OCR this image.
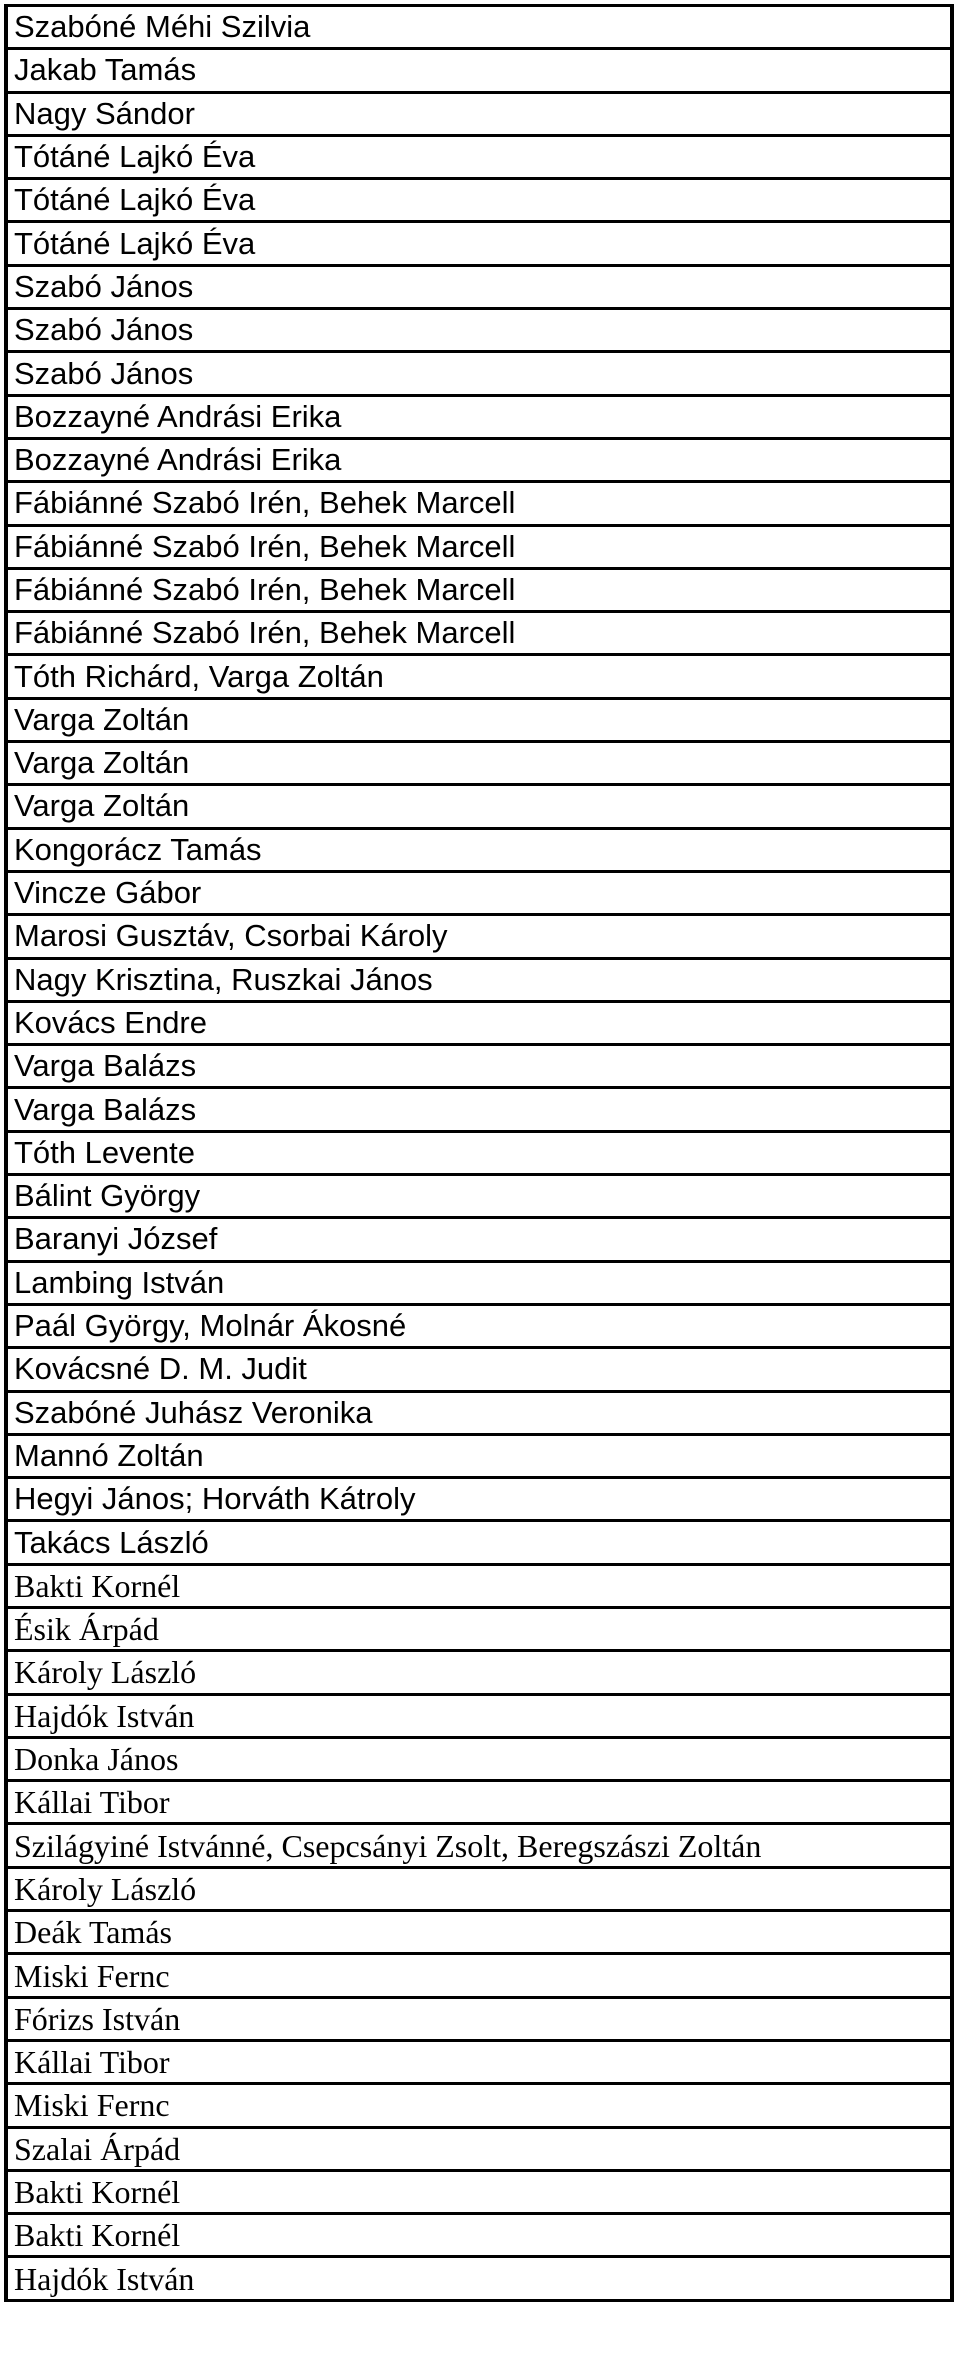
Szabóné Méhi Szilvia
Jakab Tamás
Nagy Sándor
Tótáné Lajkó Éva
Tótáné Lajkó Éva
Tótáné Lajkó Éva
Szabó János
Szabó János
Szabó János
Bozzayné Andrási Erika
Bozzayné Andrási Erika
Fábiánné Szabó Irén, Behek Marcell
Fábiánné Szabó Irén, Behek Marcell
Fábiánné Szabó Irén, Behek Marcell
Fábiánné Szabó Irén, Behek Marcell
Tóth Richárd, Varga Zoltán
Varga Zoltán
Varga Zoltán
Varga Zoltán
Kongorácz Tamás
Vincze Gábor
Marosi Gusztáv, Csorbai Károly
Nagy Krisztina, Ruszkai János
Kovács Endre
Varga Balázs
Varga Balázs
Tóth Levente
Bálint György
Baranyi József
Lambing István
Paál György, Molnár Ákosné
Kovácsné D. M. Judit
Szabóné Juhász Veronika
Mannó Zoltán
Hegyi János; Horváth Kátroly
Takács László
Bakti Kornél
Ésik Árpád
Károly László
Hajdók István
Donka János
Kállai Tibor
Szilágyiné Istvánné, Csepcsányi Zsolt, Beregszászi Zoltán
Károly László
Deák Tamás
Miski Fernc
Fórizs István
Kállai Tibor
Miski Fernc
Szalai Árpád
Bakti Kornél
Bakti Kornél
Hajdók István
